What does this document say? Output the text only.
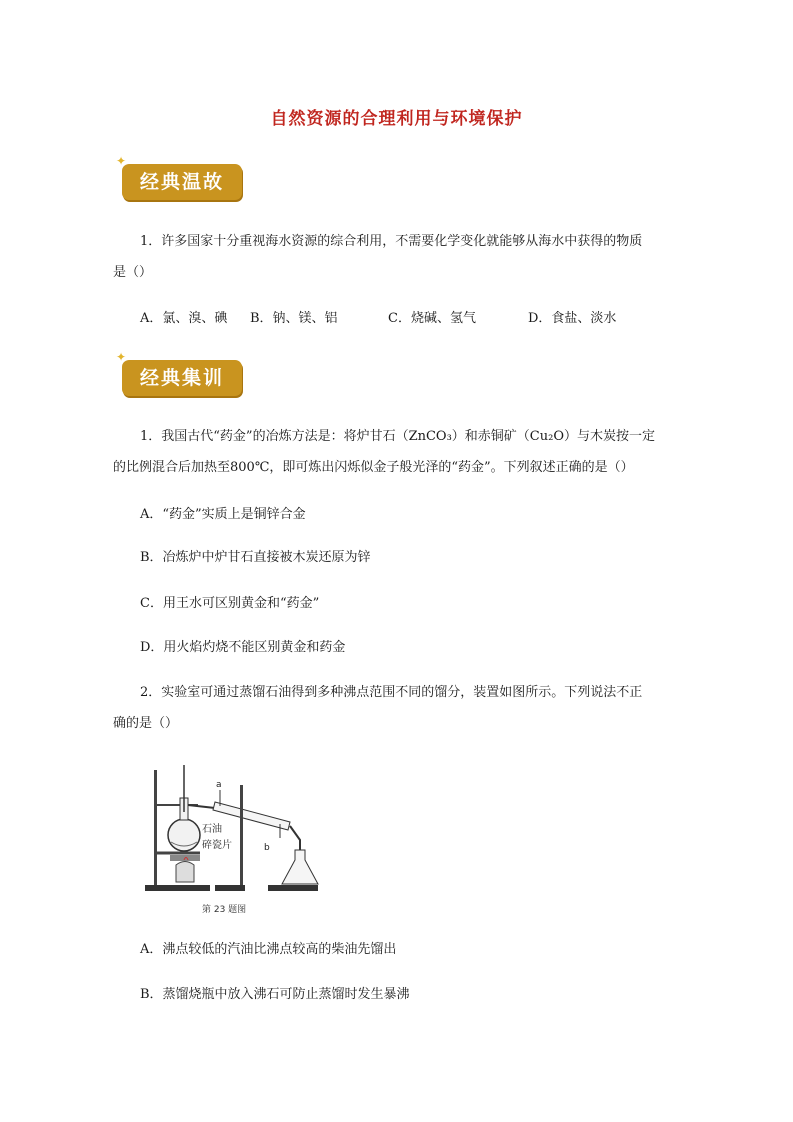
自然资源的合理利用与环境保护
✦
经典温故
1．许多国家十分重视海水资源的综合利用，不需要化学变化就能够从海水中获得的物质
是（）
A．氯、溴、碘 B．钠、镁、铝	C．烧碱、氢气	D．食盐、淡水
✦
经典集训
1．我国古代“药金”的冶炼方法是：将炉甘石（ZnCO₃）和赤铜矿（Cu₂O）与木炭按一定
的比例混合后加热至800℃，即可炼出闪烁似金子般光泽的“药金”。下列叙述正确的是（）
A．“药金”实质上是铜锌合金
B．冶炼炉中炉甘石直接被木炭还原为锌
C．用王水可区别黄金和“药金”
D．用火焰灼烧不能区别黄金和药金
2．实验室可通过蒸馏石油得到多种沸点范围不同的馏分，装置如图所示。下列说法不正
确的是（）
a
b
石油
碎瓷片
第 23 题图
A．沸点较低的汽油比沸点较高的柴油先馏出
B．蒸馏烧瓶中放入沸石可防止蒸馏时发生暴沸
